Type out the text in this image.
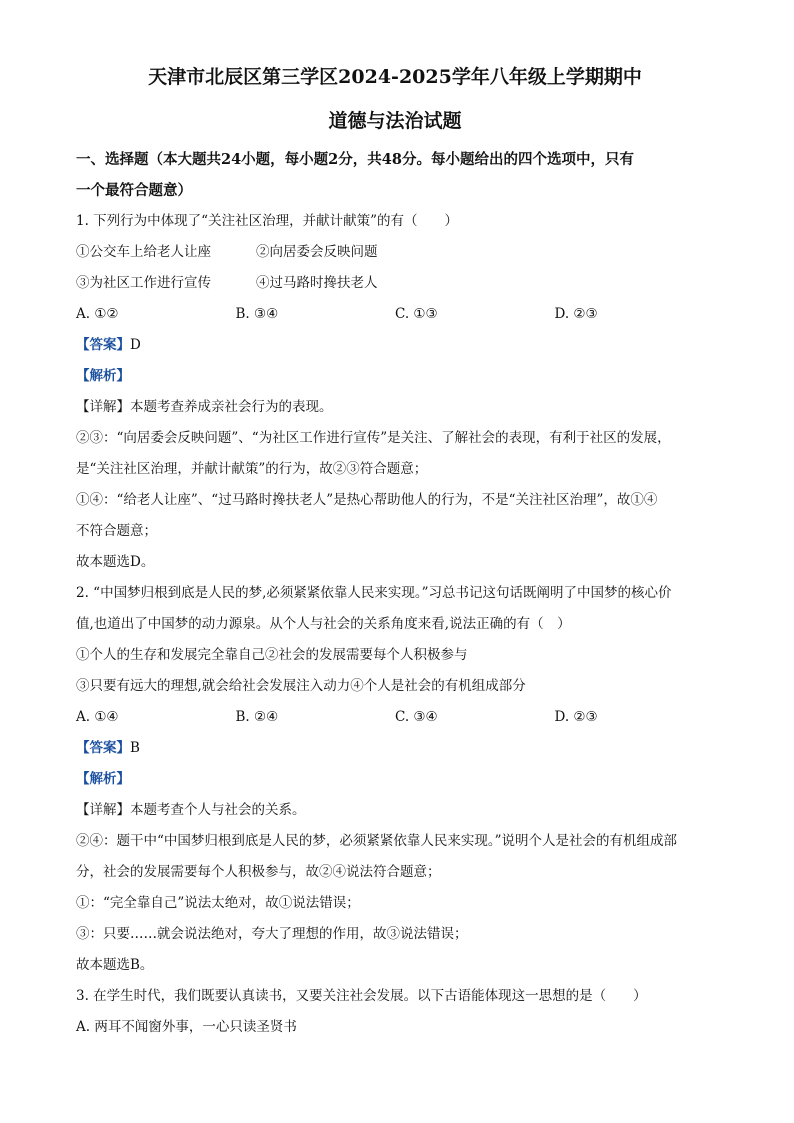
天津市北辰区第三学区2024-2025学年八年级上学期期中
道德与法治试题
一、选择题（本大题共24小题，每小题2分，共48分。每小题给出的四个选项中，只有
一个最符合题意）
1. 下列行为中体现了“关注社区治理，并献计献策”的有（　　）
①公交车上给老人让座	②向居委会反映问题
③为社区工作进行宣传	④过马路时搀扶老人
A. ①②	B. ③④	C. ①③	D. ②③
【答案】D
【解析】
【详解】本题考查养成亲社会行为的表现。
②③：“向居委会反映问题”、“为社区工作进行宣传”是关注、了解社会的表现，有利于社区的发展，
是“关注社区治理，并献计献策”的行为，故②③符合题意；
①④：“给老人让座”、“过马路时搀扶老人”是热心帮助他人的行为，不是“关注社区治理”，故①④
不符合题意；
故本题选D。
2. “中国梦归根到底是人民的梦,必须紧紧依靠人民来实现。”习总书记这句话既阐明了中国梦的核心价
值,也道出了中国梦的动力源泉。从个人与社会的关系角度来看,说法正确的有（　）
①个人的生存和发展完全靠自己②社会的发展需要每个人积极参与
③只要有远大的理想,就会给社会发展注入动力④个人是社会的有机组成部分
A. ①④	B. ②④	C. ③④	D. ②③
【答案】B
【解析】
【详解】本题考查个人与社会的关系。
②④：题干中“中国梦归根到底是人民的梦，必须紧紧依靠人民来实现。”说明个人是社会的有机组成部
分，社会的发展需要每个人积极参与，故②④说法符合题意；
①：“完全靠自己”说法太绝对，故①说法错误；
③：只要……就会说法绝对，夸大了理想的作用，故③说法错误；
故本题选B。
3. 在学生时代，我们既要认真读书，又要关注社会发展。以下古语能体现这一思想的是（　　）
A. 两耳不闻窗外事，一心只读圣贤书
